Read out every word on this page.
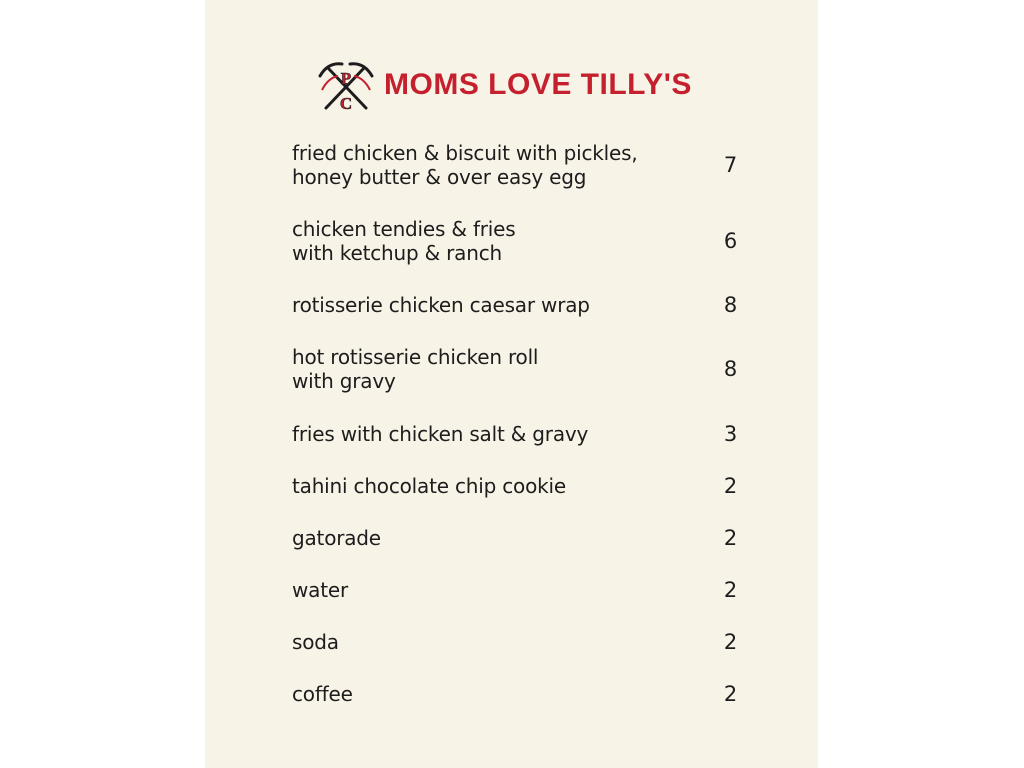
P
C
MOMS LOVE TILLY'S
fried chicken & biscuit with pickles,
honey butter & over easy egg	7
chicken tendies & fries
with ketchup & ranch	6
rotisserie chicken caesar wrap	8
hot rotisserie chicken roll
with gravy	8
fries with chicken salt & gravy	3
tahini chocolate chip cookie	2
gatorade	2
water	2
soda	2
coffee	2
